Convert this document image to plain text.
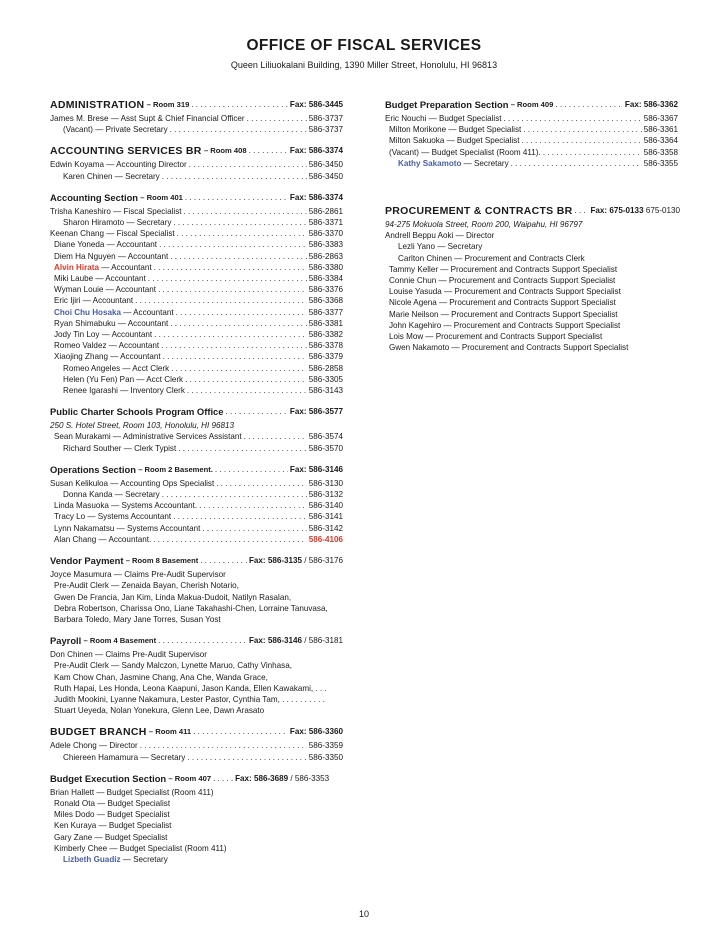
OFFICE OF FISCAL SERVICES
Queen Liliuokalani Building, 1390 Miller Street, Honolulu, HI 96813
ADMINISTRATION
– Room 319 . . .	Fax: 586-3445
James M. Brese — Asst Supt & Chief Financial Officer . . .	586-3737
(Vacant) — Private Secretary . . .	586-3737
ACCOUNTING SERVICES BR
– Room 408 . . .	Fax: 586-3374
Edwin Koyama — Accounting Director . . .	586-3450
Karen Chinen — Secretary . . .	586-3450
Accounting Section
– Room 401 . . .	Fax: 586-3374
Trisha Kaneshiro — Fiscal Specialist . . .	586-2861
Sharon Hiramoto — Secretary . . .	586-3371
Keenan Chang — Fiscal Specialist . . .	586-3370
Diane Yoneda — Accountant . . .	586-3383
Diem Ha Nguyen — Accountant . . .	586-2863
Alvin Hirata — Accountant . . .	586-3380
Miki Laube — Accountant . . .	586-3384
Wyman Louie — Accountant . . .	586-3376
Eric Ijiri — Accountant . . .	586-3368
Choi Chu Hosaka — Accountant . . .	586-3377
Ryan Shimabuku — Accountant . . .	586-3381
Jody Tin Loy — Accountant . . .	586-3382
Romeo Valdez — Accountant . . .	586-3378
Xiaojing Zhang — Accountant . . .	586-3379
Romeo Angeles — Acct Clerk . . .	586-2858
Helen (Yu Fen) Pan — Acct Clerk . . .	586-3305
Renee Igarashi — Inventory Clerk . . .	586-3143
Public Charter Schools Program Office . . .	Fax: 586-3577
250 S. Hotel Street, Room 103, Honolulu, HI 96813
Sean Murakami — Administrative Services Assistant . . .	586-3574
Richard Souther — Clerk Typist . . .	586-3570
Operations Section
– Room 2 Basement. . . .	Fax: 586-3146
Susan Kelikuloa — Accounting Ops Specialist . . .	586-3130
Donna Kanda — Secretary . . .	586-3132
Linda Masuoka — Systems Accountant. . . .	586-3140
Tracy Lo — Systems Accountant . . .	586-3141
Lynn Nakamatsu — Systems Accountant . . .	586-3142
Alan Chang — Accountant. . . .	586-4106
Vendor Payment
– Room 8 Basement . . .	Fax: 586-3135
/ 586-3176
Joyce Masumura — Claims Pre-Audit Supervisor
Pre-Audit Clerk — Zenaida Bayan, Cherish Notario,
Gwen De Francia, Jan Kim, Linda Makua-Dudoit, Natilyn Rasalan,
Debra Robertson, Charissa Ono, Liane Takahashi-Chen, Lorraine Tanuvasa,
Barbara Toledo, Mary Jane Torres, Susan Yost
Payroll
– Room 4 Basement . . .	Fax: 586-3146
/ 586-3181
Don Chinen — Claims Pre-Audit Supervisor
Pre-Audit Clerk — Sandy Malczon, Lynette Maruo, Cathy Vinhasa,
Kam Chow Chan, Jasmine Chang, Ana Che, Wanda Grace,
Ruth Hapai, Les Honda, Leona Kaapuni, Jason Kanda, Ellen Kawakami, . . .
Judith Mookini, Lyanne Nakamura, Lester Pastor, Cynthia Tam, . . . . . . . . . .
Stuart Ueyeda, Nolan Yonekura, Glenn Lee, Dawn Arasato
BUDGET BRANCH
– Room 411 . . .	Fax: 586-3360
Adele Chong — Director . . .	586-3359
Chiereen Hamamura — Secretary . . .	586-3350
Budget Execution Section
– Room 407 . . .	Fax: 586-3689
/ 586-3353
Brian Hallett — Budget Specialist (Room 411)
Ronald Ota — Budget Specialist
Miles Dodo — Budget Specialist
Ken Kuraya — Budget Specialist
Gary Zane — Budget Specialist
Kimberly Chee — Budget Specialist (Room 411)
Lizbeth Guadiz — Secretary
Budget Preparation Section
– Room 409 . . .	Fax: 586-3362
Eric Nouchi — Budget Specialist . . .	586-3367
Milton Morikone — Budget Specialist . . .	586-3361
Milton Sakuoka — Budget Specialist . . .	586-3364
(Vacant) — Budget Specialist (Room 411). . . .	586-3358
Kathy Sakamoto — Secretary . . .	586-3355
PROCUREMENT & CONTRACTS BR . . . Fax: 675-0133
675-0130
94-275 Mokuola Street, Room 200, Waipahu, HI 96797
Andrell Beppu Aoki — Director
Lezli Yano — Secretary
Carlton Chinen — Procurement and Contracts Clerk
Tammy Keller — Procurement and Contracts Support Specialist
Connie Chun — Procurement and Contracts Support Specialist
Louise Yasuda — Procurement and Contracts Support Specialist
Nicole Agena — Procurement and Contracts Support Specialist
Marie Neilson — Procurement and Contracts Support Specialist
John Kagehiro — Procurement and Contracts Support Specialist
Lois Mow — Procurement and Contracts Support Specialist
Gwen Nakamoto — Procurement and Contracts Support Specialist
10
